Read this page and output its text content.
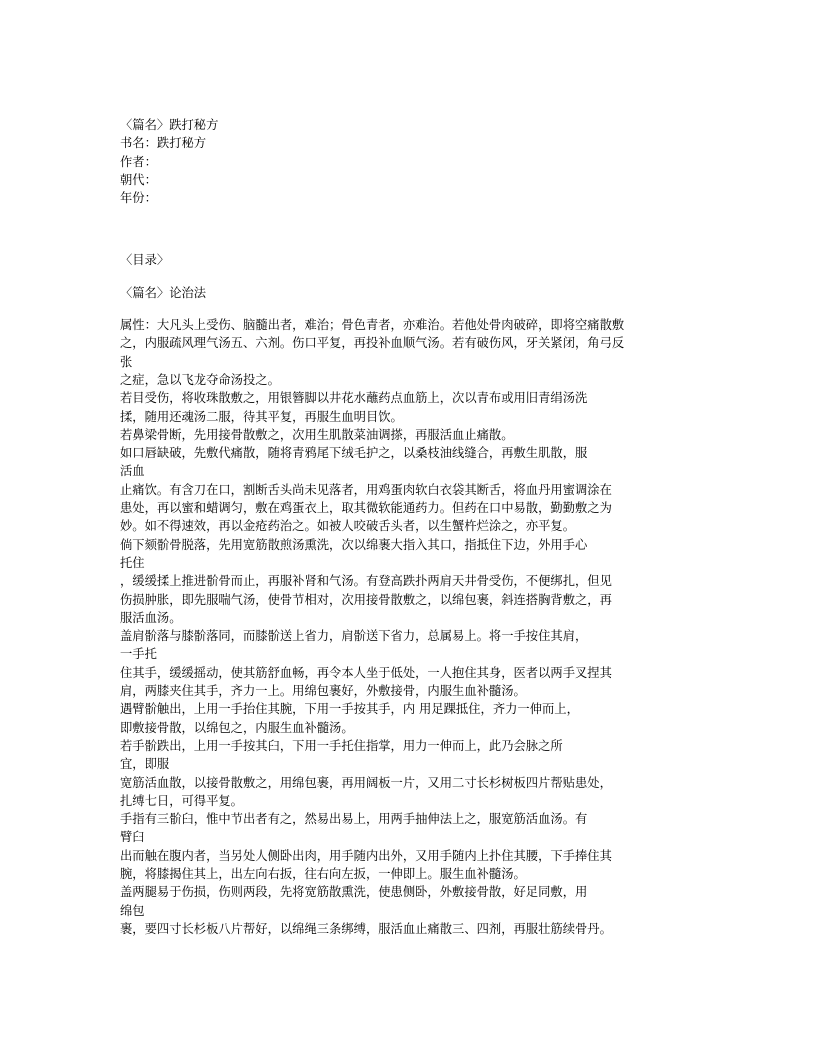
〈篇名〉跌打秘方
书名：跌打秘方
作者：
朝代：
年份：
〈目录〉
〈篇名〉论治法
属性：大凡头上受伤、脑髓出者，难治；骨色青者，亦难治。若他处骨肉破碎，即将空痛散敷
之，内服疏风理气汤五、六剂。伤口平复，再投补血顺气汤。若有破伤风，牙关紧闭，角弓反
张
之症，急以飞龙夺命汤投之。
若目受伤，将收珠散敷之，用银簪脚以井花水蘸药点血筋上，次以青布或用旧青绢汤洗
揉，随用还魂汤二服，待其平复，再服生血明目饮。
若鼻梁骨断，先用接骨散敷之，次用生肌散菜油调搽，再服活血止痛散。
如口唇缺破，先敷代痛散，随将青鸦尾下绒毛护之，以桑枝油线缝合，再敷生肌散，服
活血
止痛饮。有含刀在口，割断舌头尚未见落者，用鸡蛋肉软白衣袋其断舌，将血丹用蜜调涂在
患处，再以蜜和蜡调匀，敷在鸡蛋衣上，取其微软能通药力。但药在口中易散，勤勤敷之为
妙。如不得速效，再以金疮药治之。如被人咬破舌头者，以生蟹杵烂涂之，亦平复。
倘下颏骱骨脱落，先用宽筋散煎汤熏洗，次以绵裹大指入其口，指抵住下边，外用手心
托住
，缓缓揉上推进骱骨而止，再服补肾和气汤。有登高跌扑两肩天井骨受伤，不便绑扎，但见
伤损肿胀，即先服喘气汤，使骨节相对，次用接骨散敷之，以绵包裹，斜连搭胸背敷之，再
服活血汤。
盖肩骱落与膝骱落同，而膝骱送上省力，肩骱送下省力，总属易上。将一手按住其肩，
一手托
住其手，缓缓摇动，使其筋舒血畅，再令本人坐于低处，一人抱住其身，医者以两手叉捏其
肩，两膝夹住其手，齐力一上。用绵包裹好，外敷接骨，内服生血补髓汤。
遇臂骱触出，上用一手抬住其腕，下用一手按其手，内 用足踝抵住，齐力一伸而上，
即敷接骨散，以绵包之，内服生血补髓汤。
若手骱跌出，上用一手按其臼，下用一手托住指掌，用力一伸而上，此乃会脉之所
宜，即服
宽筋活血散，以接骨散敷之，用绵包裹，再用阔板一片，又用二寸长杉树板四片帮贴患处，
扎缚七日，可得平复。
手指有三骱臼，惟中节出者有之，然易出易上，用两手抽伸法上之，服宽筋活血汤。有
臂臼
出而触在腹内者，当另处人侧卧出肉，用手随内出外，又用手随内上扑住其腰，下手捧住其
腕，将膝揭住其上，出左向右扳，往右向左扳，一伸即上。服生血补髓汤。
盖两腿易于伤损，伤则两段，先将宽筋散熏洗，使患侧卧，外敷接骨散，好足同敷，用
绵包
裹，要四寸长杉板八片帮好，以绵绳三条绑缚，服活血止痛散三、四剂，再服壮筋续骨丹。
